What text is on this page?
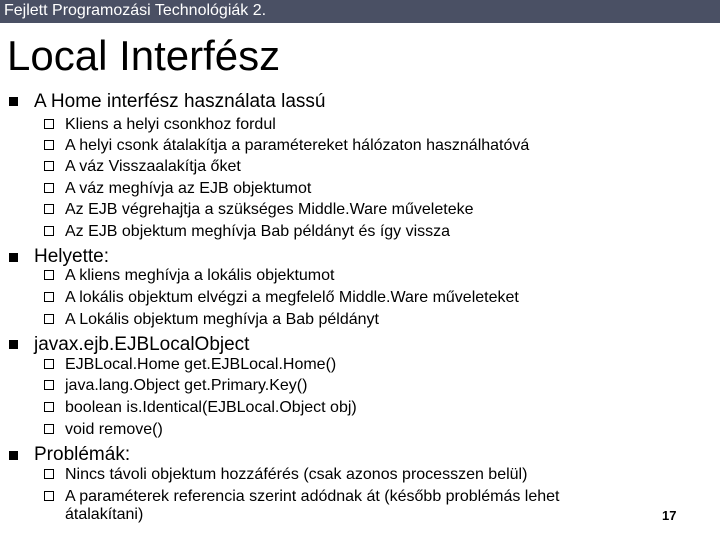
Fejlett Programozási Technológiák 2.
Local Interfész
A Home interfész használata lassú
Kliens a helyi csonkhoz fordul
A helyi csonk átalakítja a paramétereket hálózaton használhatóvá
A váz Visszaalakítja őket
A váz meghívja az EJB objektumot
Az EJB végrehajtja a szükséges Middle.Ware műveleteke
Az EJB objektum meghívja Bab példányt és így vissza
Helyette:
A kliens meghívja a lokális objektumot
A lokális objektum elvégzi a megfelelő Middle.Ware műveleteket
A Lokális objektum meghívja a Bab példányt
javax.ejb.EJBLocalObject
EJBLocal.Home get.EJBLocal.Home()
java.lang.Object get.Primary.Key()
boolean is.Identical(EJBLocal.Object obj)
void remove()
Problémák:
Nincs távoli objektum hozzáférés (csak azonos processzen belül)
A paraméterek referencia szerint adódnak át (később problémás lehet
átalakítani)	17
